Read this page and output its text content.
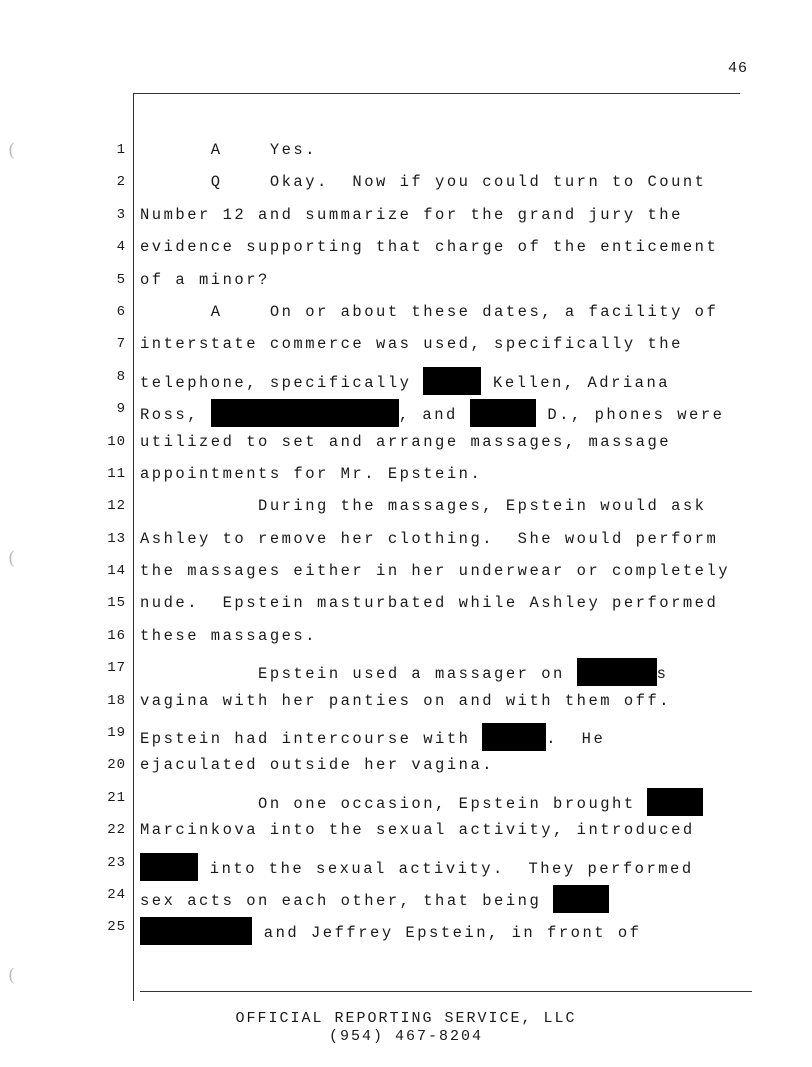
46
(
(
(
1
2
3
4
5
6
7
8
9
10
11
12
13
14
15
16
17
18
19
20
21
22
23
24
25
A    Yes.
Q    Okay.  Now if you could turn to Count
Number 12 and summarize for the grand jury the
evidence supporting that charge of the enticement
of a minor?
A    On or about these dates, a facility of
interstate commerce was used, specifically the
telephone, specifically	Kellen, Adriana
Ross,	, and	D., phones were
utilized to set and arrange massages, massage
appointments for Mr. Epstein.
During the massages, Epstein would ask
Ashley to remove her clothing.  She would perform
the massages either in her underwear or completely
nude.  Epstein masturbated while Ashley performed
these massages.
Epstein used a massager on	s
vagina with her panties on and with them off.
Epstein had intercourse with	.  He
ejaculated outside her vagina.
On one occasion, Epstein brought
Marcinkova into the sexual activity, introduced
into the sexual activity.  They performed
sex acts on each other, that being
and Jeffrey Epstein, in front of
OFFICIAL REPORTING SERVICE, LLC
(954) 467-8204
